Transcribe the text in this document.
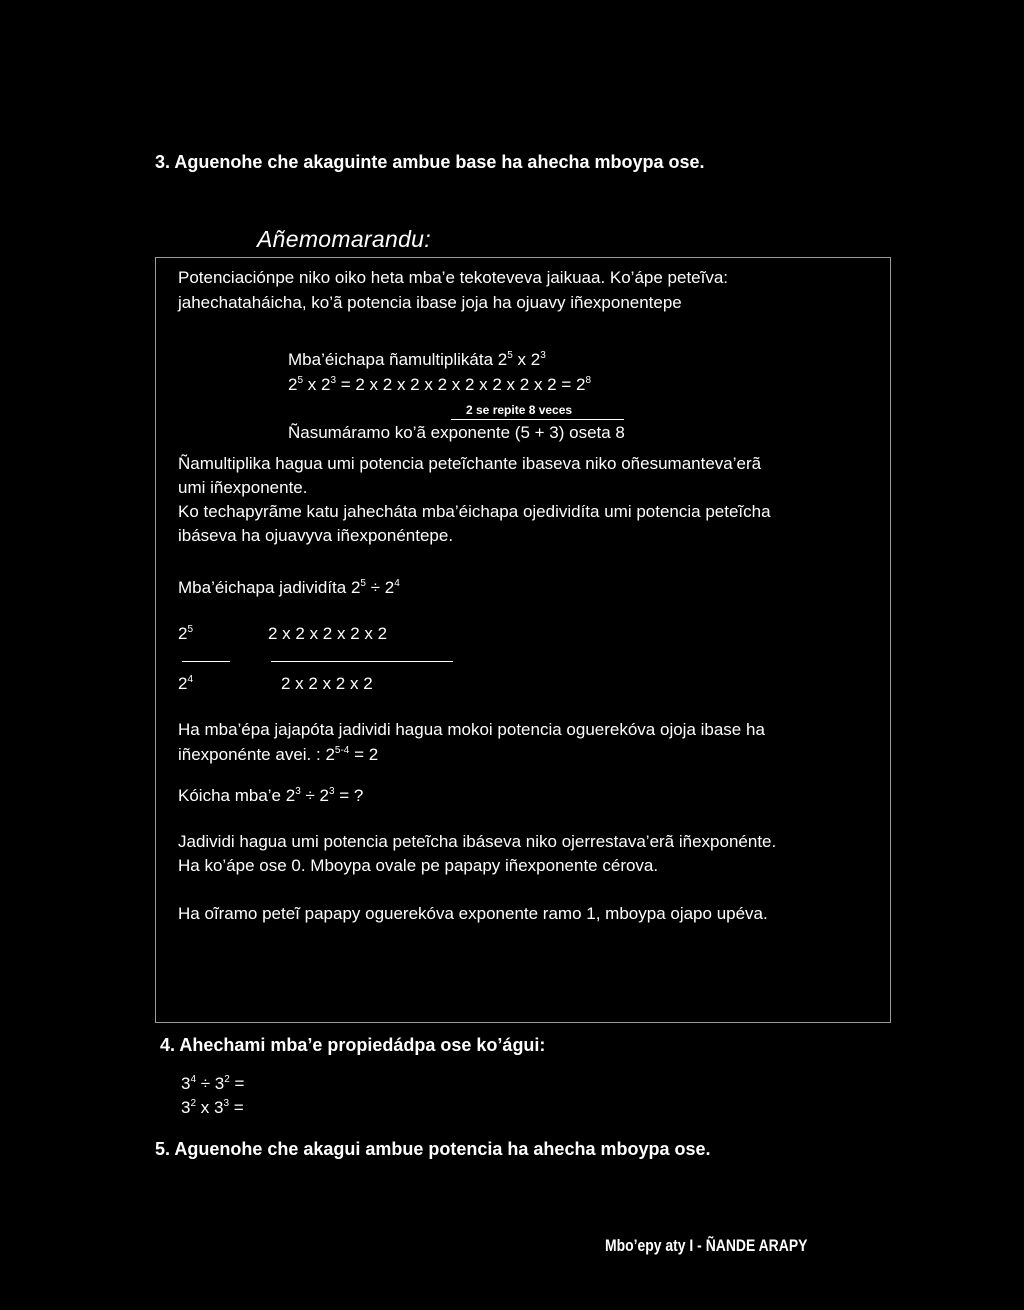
3. Aguenohe che akaguinte ambue base ha ahecha mboypa ose.
Añemomarandu:
Potenciaciónpe niko oiko heta mba’e tekoteveva jaikuaa. Ko’ápe peteĩva:
jahechataháicha, ko’ã potencia ibase joja ha ojuavy iñexponentepe
Mba’éichapa ñamultiplikáta $2^5$ x $2^3$
$2^5$ x $2^3 = 2$ x 2 x 2 x 2 x 2 x 2 x 2 x $2 = 2^8$
2 se repite 8 veces
Ñasumáramo ko’ã exponente (5 + 3) oseta 8
Ñamultiplika hagua umi potencia peteĩchante ibaseva niko oñesumanteva’erã
umi iñexponente.
Ko techapyrãme katu jahecháta mba’éichapa ojedividíta umi potencia peteĩcha
ibáseva ha ojuavyva iñexponéntepe.
Mba’éichapa jadividíta $2^5 \div 2^4$
$2^5$	2 x 2 x 2 x 2 x 2
$2^4$	2 x 2 x 2 x 2
Ha mba’épa jajapóta jadividi hagua mokoi potencia oguerekóva ojoja ibase ha
iñexponénte avei. : $2^{5-4} = 2$
Kóicha mba’e $2^3 \div 2^3$ = ?
Jadividi hagua umi potencia peteĩcha ibáseva niko ojerrestava’erã iñexponénte.
Ha ko’ápe ose 0. Mboypa ovale pe papapy iñexponente cérova.
Ha oĩramo peteĩ papapy oguerekóva exponente ramo 1, mboypa ojapo upéva.
4. Ahechami mba’e propiedádpa ose ko’águi:
$3^4 \div 3^2$ =
$3^2$ x $3^3$ =
5. Aguenohe che akagui ambue potencia ha ahecha mboypa ose.
Mbo’epy aty I - ÑANDE ARAPY
